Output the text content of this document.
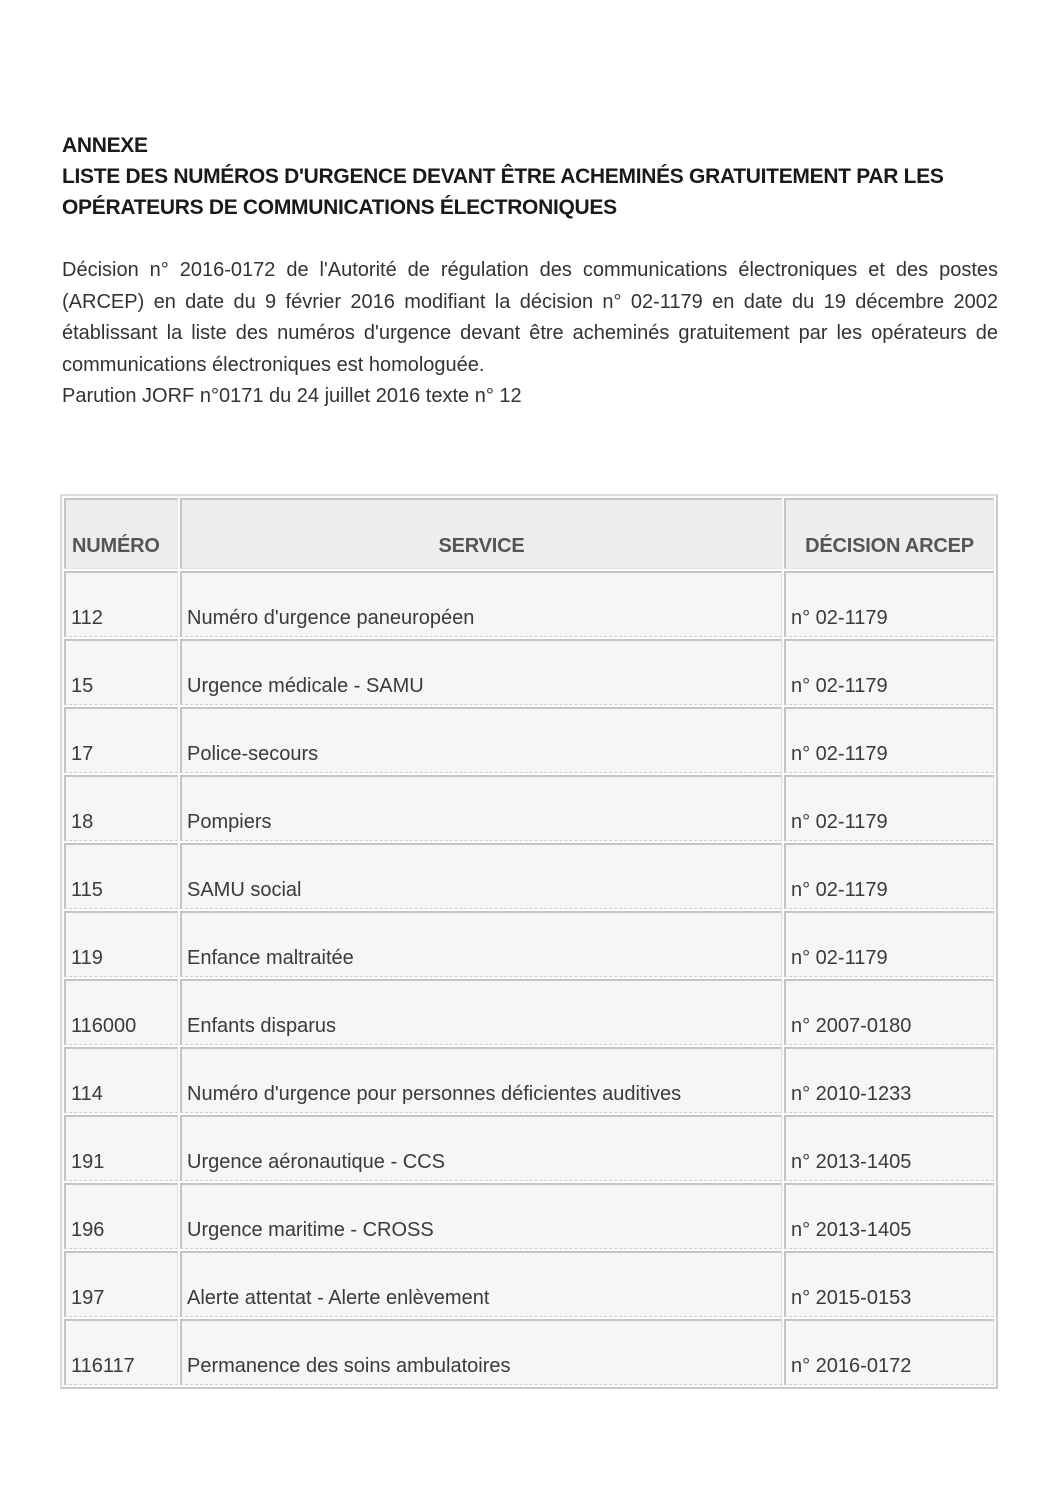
ANNEXE
LISTE DES NUMÉROS D'URGENCE DEVANT ÊTRE ACHEMINÉS GRATUITEMENT PAR LES
OPÉRATEURS DE COMMUNICATIONS ÉLECTRONIQUES

Décision n° 2016-0172 de l'Autorité de régulation des communications électroniques et des postes (ARCEP) en date du 9 février 2016 modifiant la décision n° 02-1179 en date du 19 décembre 2002 établissant la liste des numéros d'urgence devant être acheminés gratuitement par les opérateurs de communications électroniques est homologuée.

Parution JORF n°0171 du 24 juillet 2016 texte n° 12

NUMÉRO	SERVICE	DÉCISION ARCEP
112	Numéro d'urgence paneuropéen	n° 02-1179
15	Urgence médicale - SAMU	n° 02-1179
17	Police-secours	n° 02-1179
18	Pompiers	n° 02-1179
115	SAMU social	n° 02-1179
119	Enfance maltraitée	n° 02-1179
116000	Enfants disparus	n° 2007-0180
114	Numéro d'urgence pour personnes déficientes auditives	n° 2010-1233
191	Urgence aéronautique - CCS	n° 2013-1405
196	Urgence maritime - CROSS	n° 2013-1405
197	Alerte attentat - Alerte enlèvement	n° 2015-0153
116117	Permanence des soins ambulatoires	n° 2016-0172
